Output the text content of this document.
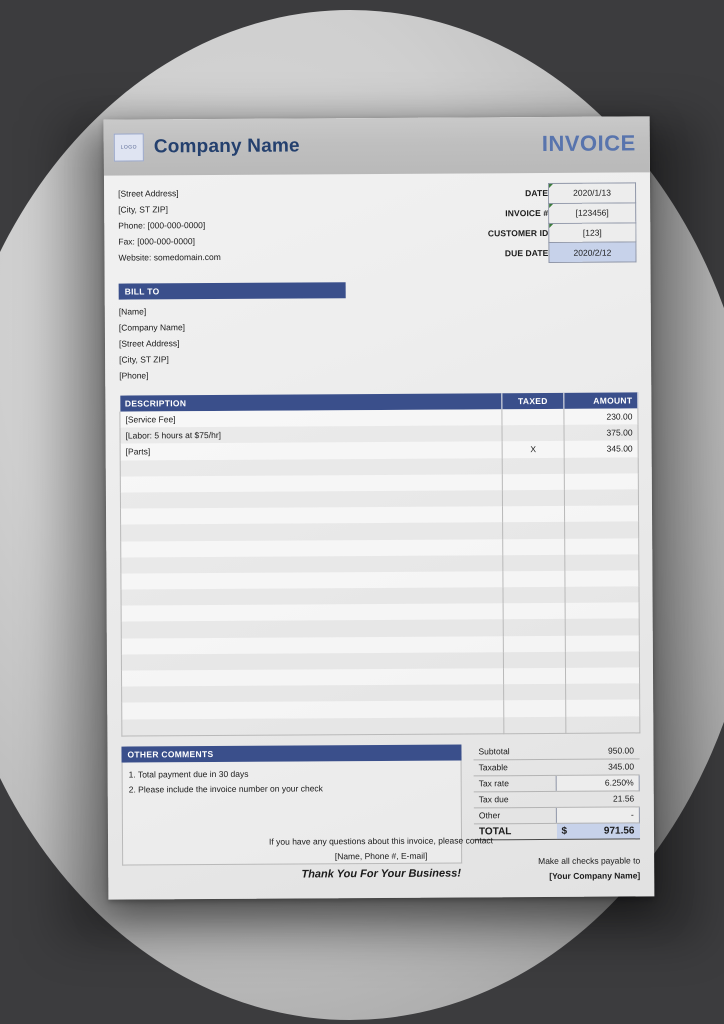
LOGO Company Name	INVOICE
[Street Address]
[City, ST ZIP]
Phone: [000-000-0000]
Fax: [000-000-0000]
Website: somedomain.com
DATE	2020/1/13
INVOICE #	[123456]
CUSTOMER ID	[123]
DUE DATE	2020/2/12
BILL TO
[Name]
[Company Name]
[Street Address]
[City, ST ZIP]
[Phone]
DESCRIPTION	TAXED	AMOUNT
[Service Fee]		230.00
[Labor: 5 hours at $75/hr]		375.00
[Parts]	X	345.00

OTHER COMMENTS
1. Total payment due in 30 days
2. Please include the invoice number on your check
Subtotal	950.00
Taxable	345.00
Tax rate	6.250%
Tax due	21.56
Other	-
TOTAL	$ 971.56
Make all checks payable to
[Your Company Name]
If you have any questions about this invoice, please contact
[Name, Phone #, E-mail]
Thank You For Your Business!
